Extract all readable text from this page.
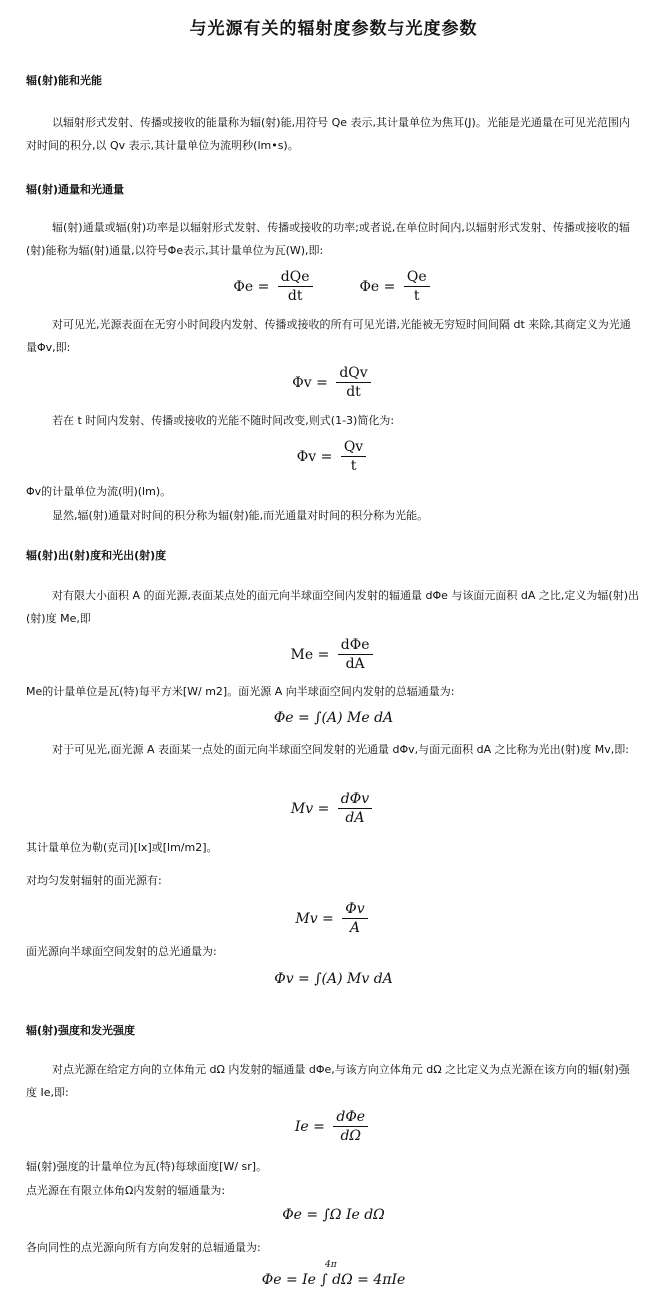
与光源有关的辐射度参数与光度参数
辐(射)能和光能
以辐射形式发射、传播或接收的能量称为辐(射)能,用符号 Qe 表示,其计量单位为焦耳(J)。光能是光通量在可见光范围内对时间的积分,以 Qv 表示,其计量单位为流明秒(lm•s)。
辐(射)通量和光通量
辐(射)通量或辐(射)功率是以辐射形式发射、传播或接收的功率;或者说,在单位时间内,以辐射形式发射、传播或接收的辐(射)能称为辐(射)通量,以符号Φe表示,其计量单位为瓦(W),即:
$\Phi e = \frac{\text{dQe}}{dt}$	$\Phi e = \frac{Qe}{t}$
对可见光,光源表面在无穷小时间段内发射、传播或接收的所有可见光谱,光能被无穷短时间间隔 dt 来除,其商定义为光通量Φv,即:
$\Phi v = \frac{\text{dQv}}{dt}$
若在 t 时间内发射、传播或接收的光能不随时间改变,则式(1-3)简化为:
$\Phi v = \frac{Qv}{t}$
Φv的计量单位为流(明)(lm)。
显然,辐(射)通量对时间的积分称为辐(射)能,而光通量对时间的积分称为光能。
辐(射)出(射)度和光出(射)度
对有限大小面积 A 的面光源,表面某点处的面元向半球面空间内发射的辐通量 dΦe 与该面元面积 dA 之比,定义为辐(射)出(射)度 Me,即
$Me = \frac{\text{dΦe}}{dA}$
Me的计量单位是瓦(特)每平方米[W/ m2]。面光源 A 向半球面空间内发射的总辐通量为:
Φe = ∫(A) Me dA
对于可见光,面光源 A 表面某一点处的面元向半球面空间发射的光通量 dΦv,与面元面积 dA 之比称为光出(射)度 Mv,即:
$Mv = \frac{\text{dΦv}}{dA}$
其计量单位为勒(克司)[lx]或[lm/m2]。
对均匀发射辐射的面光源有:
$Mv = \frac{\Phi v}{A}$
面光源向半球面空间发射的总光通量为:
Φv = ∫(A) Mv dA
辐(射)强度和发光强度
对点光源在给定方向的立体角元 dΩ 内发射的辐通量 dΦe,与该方向立体角元 dΩ 之比定义为点光源在该方向的辐(射)强度 Ie,即:
$Ie = \frac{\text{dΦe}}{d\Omega}$
辐(射)强度的计量单位为瓦(特)每球面度[W/ sr]。
点光源在有限立体角Ω内发射的辐通量为:
Φe = ∫Ω Ie dΩ
各向同性的点光源向所有方向发射的总辐通量为:
4π
Φe = Ie ∫ dΩ = 4πIe
